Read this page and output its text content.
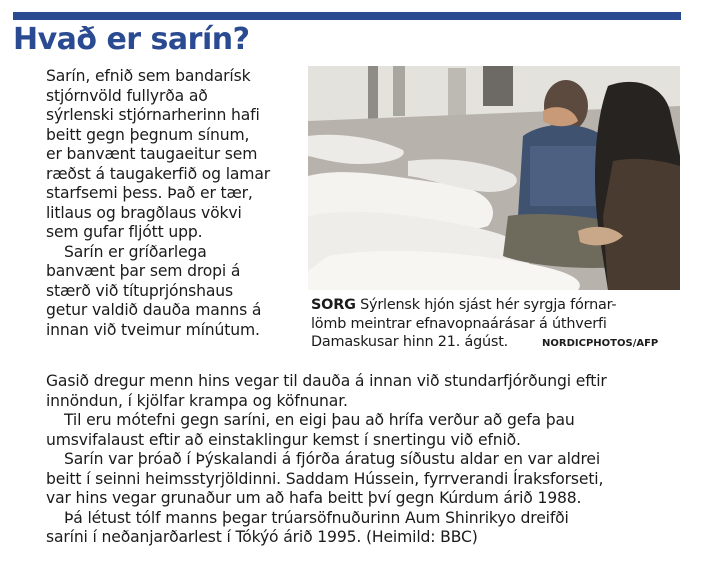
Hvað er sarín?

Sarín, efnið sem bandarísk

stjórnvöld fullyrða að

sýrlenski stjórnarherinn hafi

beitt gegn þegnum sínum,

er banvænt taugaeitur sem

ræðst á taugakerfið og lamar

starfsemi þess. Það er tær,

litlaus og bragðlaus vökvi

sem gufar fljótt upp.

Sarín er gríðarlega

banvænt þar sem dropi á

stærð við títuprjónshaus

getur valdið dauða manns á

innan við tveimur mínútum.

SORG Sýrlensk hjón sjást hér syrgja fórnar-

lömb meintrar efnavopnaárásar á úthverfi

Damaskusar hinn 21. ágúst.	NORDICPHOTOS/AFP

Gasið dregur menn hins vegar til dauða á innan við stundarfjórðungi eftir

innöndun, í kjölfar krampa og köfnunar.

Til eru mótefni gegn saríni, en eigi þau að hrífa verður að gefa þau

umsvifalaust eftir að einstaklingur kemst í snertingu við efnið.

Sarín var þróað í Þýskalandi á fjórða áratug síðustu aldar en var aldrei

beitt í seinni heimsstyrjöldinni. Saddam Hússein, fyrrverandi Íraksforseti,

var hins vegar grunaður um að hafa beitt því gegn Kúrdum árið 1988.

Þá létust tólf manns þegar trúarsöfnuðurinn Aum Shinrikyo dreifði

saríni í neðanjarðarlest í Tókýó árið 1995. (Heimild: BBC)
